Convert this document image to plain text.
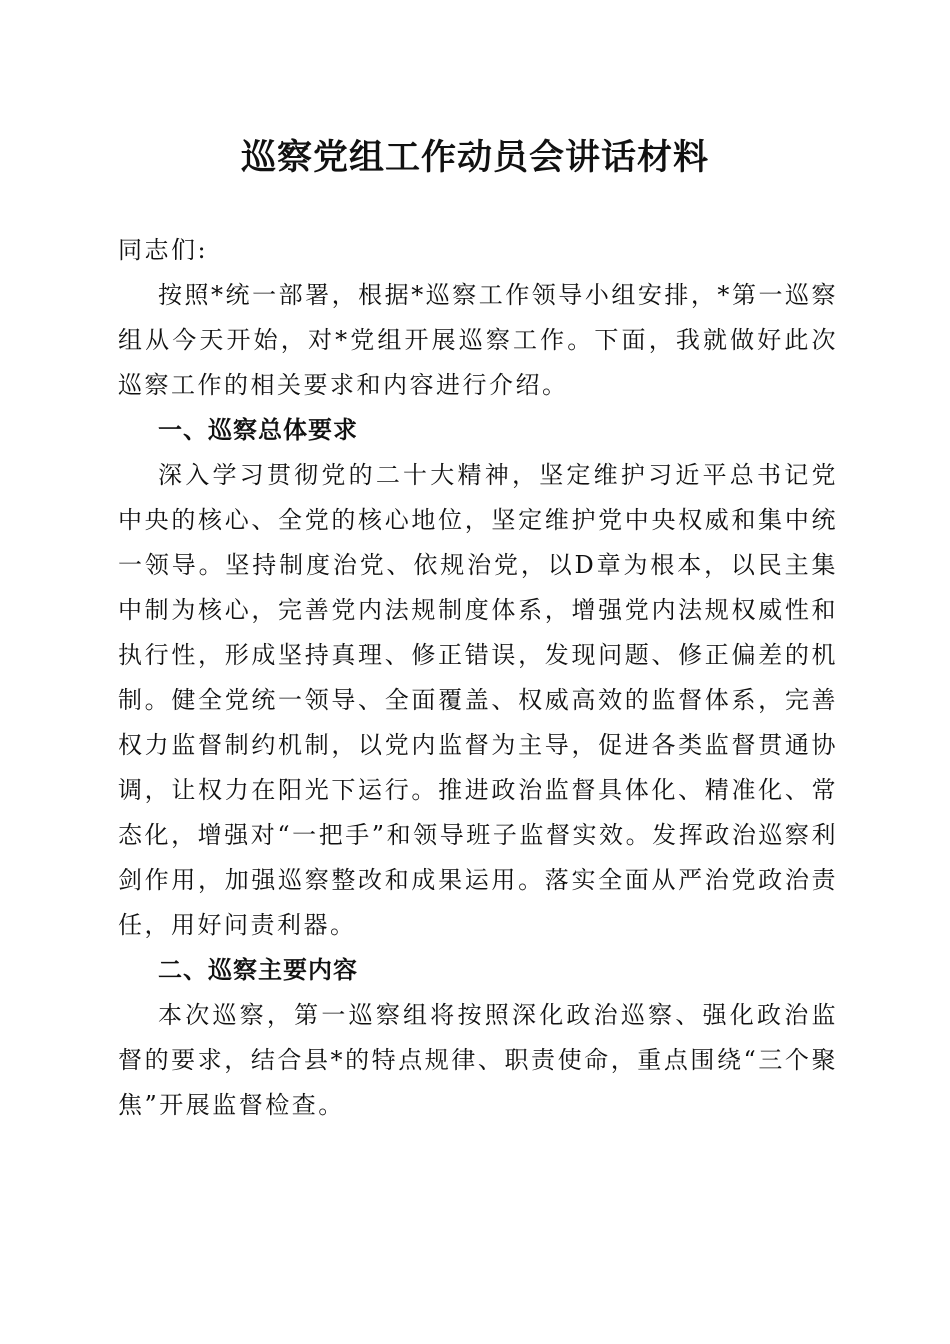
巡察党组工作动员会讲话材料

同志们:

按照*统一部署，根据*巡察工作领导小组安排，*第一巡察组从今天开始，对*党组开展巡察工作。下面，我就做好此次巡察工作的相关要求和内容进行介绍。

一、巡察总体要求

深入学习贯彻党的二十大精神，坚定维护习近平总书记党中央的核心、全党的核心地位，坚定维护党中央权威和集中统一领导。坚持制度治党、依规治党，以D章为根本，以民主集中制为核心，完善党内法规制度体系，增强党内法规权威性和执行性，形成坚持真理、修正错误，发现问题、修正偏差的机制。健全党统一领导、全面覆盖、权威高效的监督体系，完善权力监督制约机制，以党内监督为主导，促进各类监督贯通协调，让权力在阳光下运行。推进政治监督具体化、精准化、常态化，增强对“一把手”和领导班子监督实效。发挥政治巡察利剑作用，加强巡察整改和成果运用。落实全面从严治党政治责任，用好问责利器。

二、巡察主要内容

本次巡察，第一巡察组将按照深化政治巡察、强化政治监督的要求，结合县*的特点规律、职责使命，重点围绕“三个聚焦”开展监督检查。
